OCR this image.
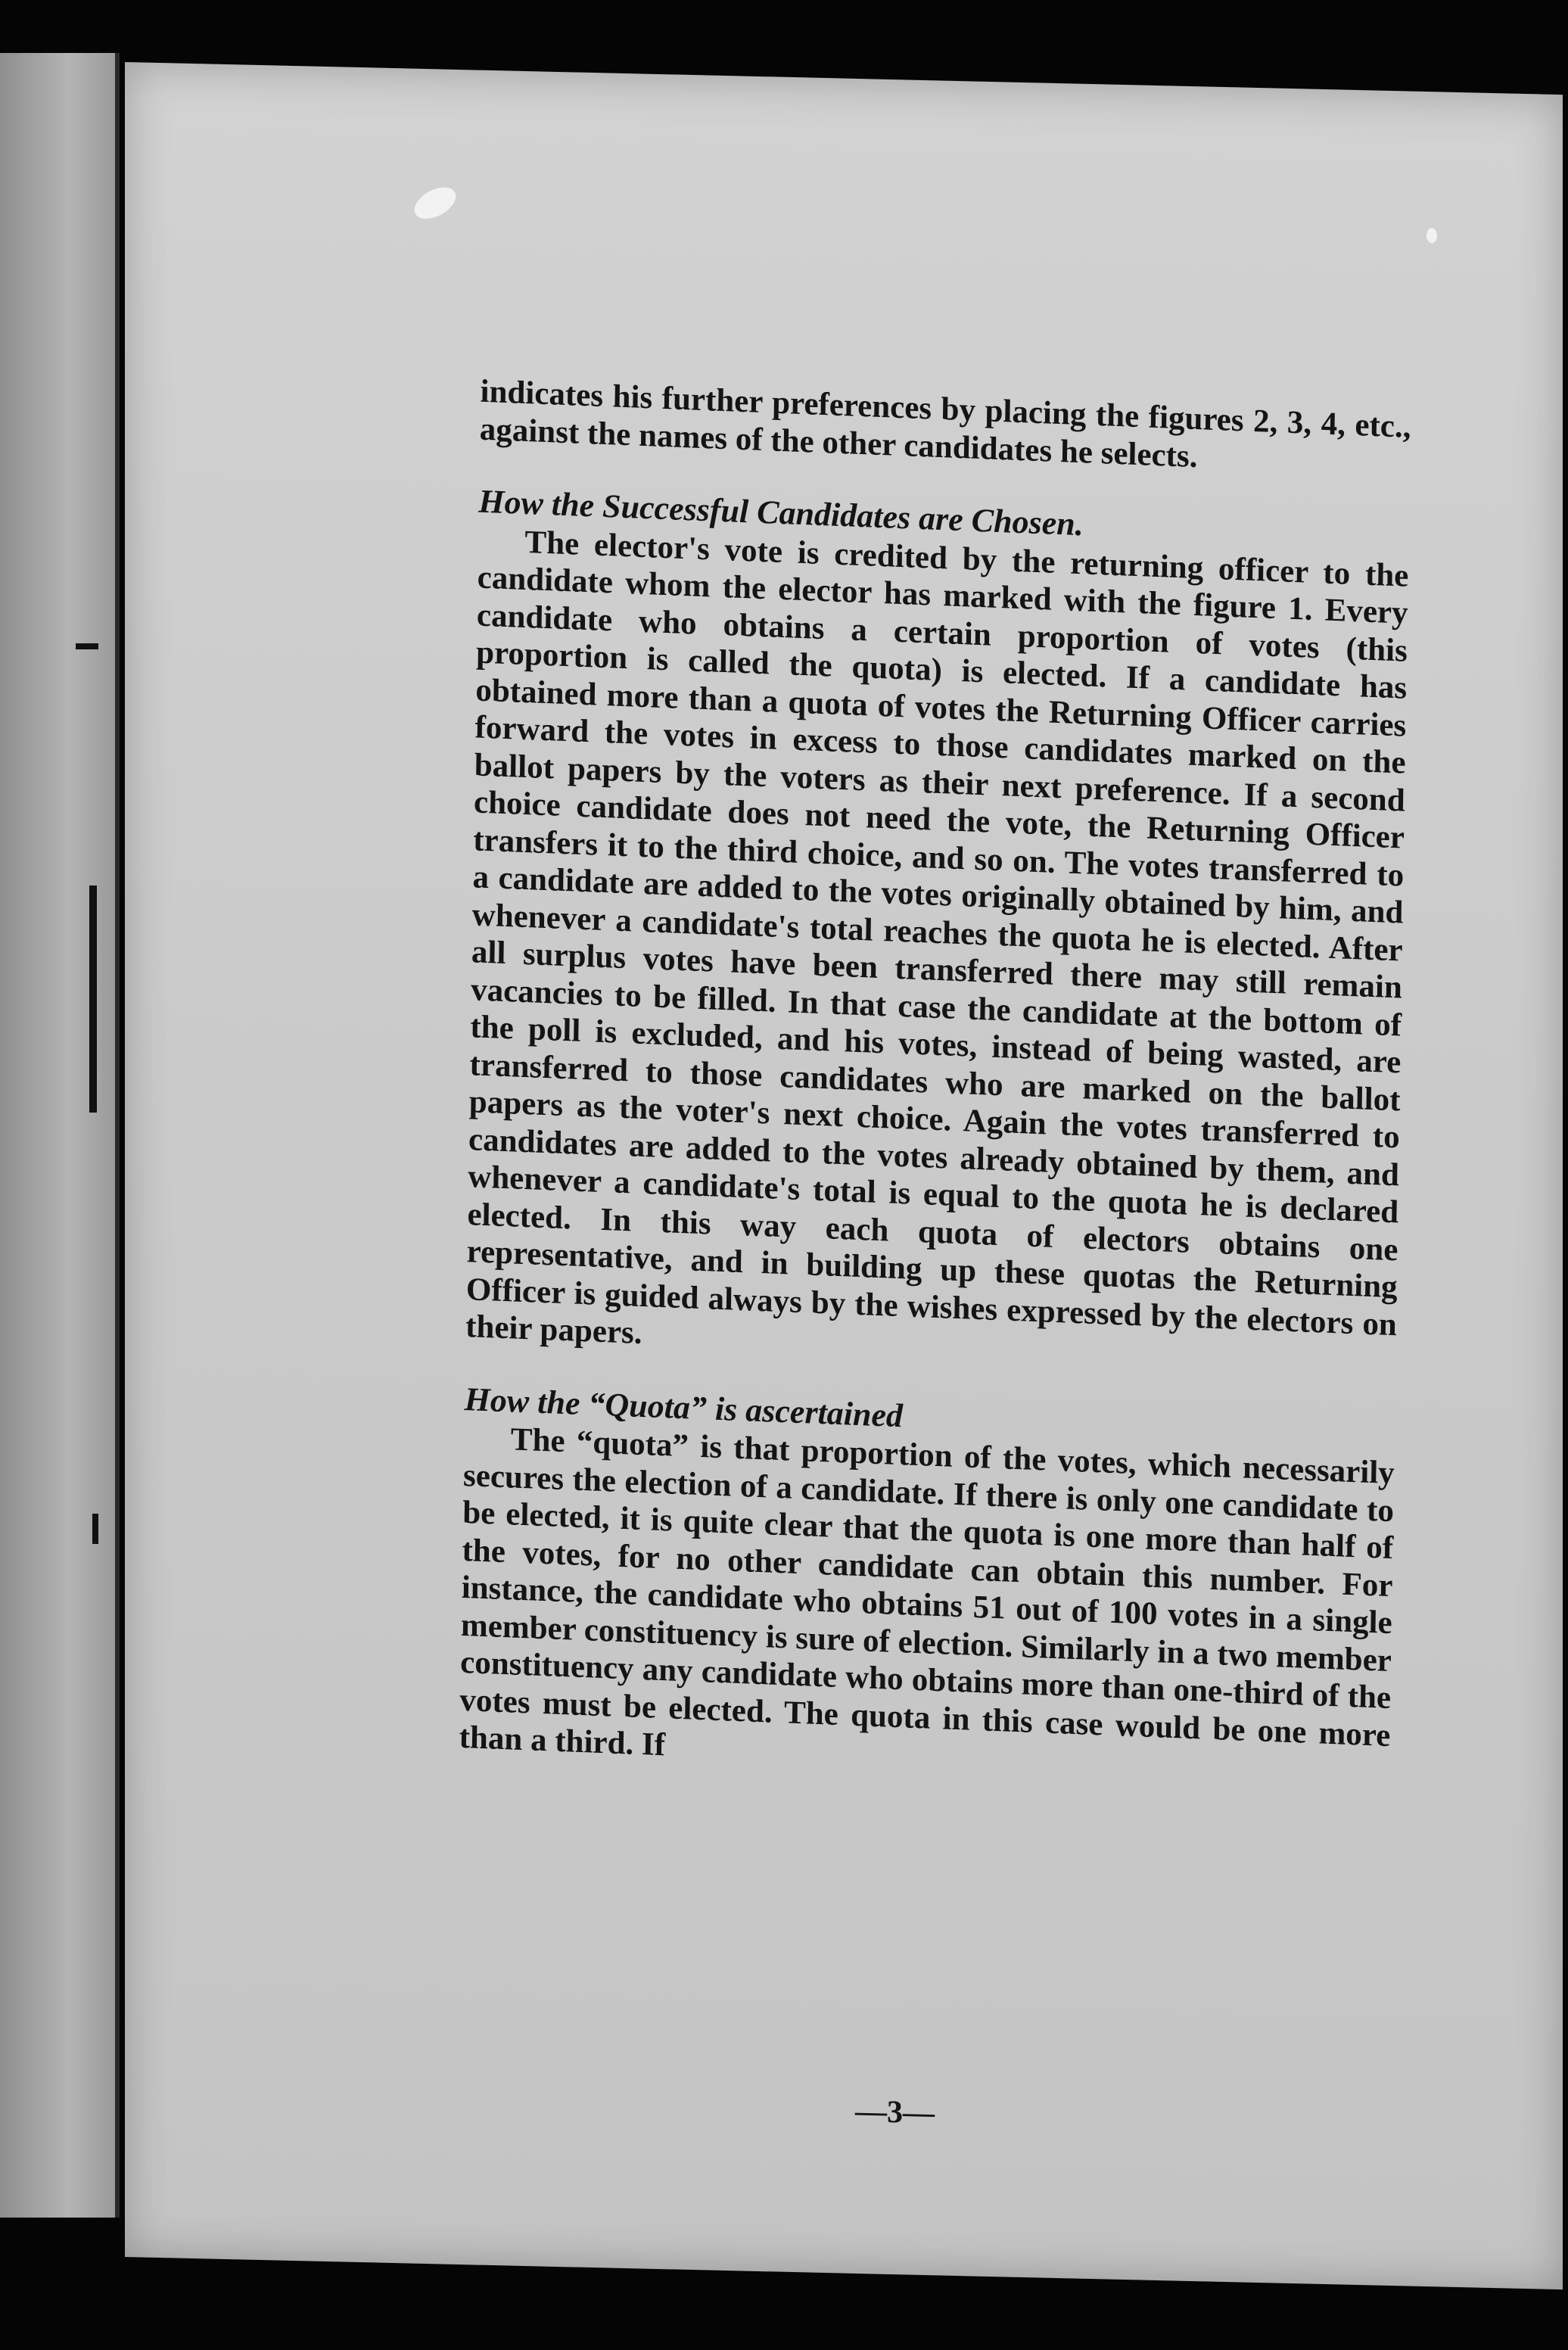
indicates his further preferences by placing the figures 2, 3, 4, etc., against the names of the other candidates he selects.

How the Successful Candidates are Chosen.

The elector's vote is credited by the returning officer to the candidate whom the elector has marked with the figure 1. Every candidate who obtains a certain proportion of votes (this proportion is called the quota) is elected. If a candidate has obtained more than a quota of votes the Returning Officer carries forward the votes in excess to those candidates marked on the ballot papers by the voters as their next preference. If a second choice candidate does not need the vote, the Returning Officer transfers it to the third choice, and so on. The votes transferred to a candidate are added to the votes originally obtained by him, and whenever a candidate's total reaches the quota he is elected. After all surplus votes have been transferred there may still remain vacancies to be filled. In that case the candidate at the bottom of the poll is excluded, and his votes, instead of being wasted, are transferred to those candidates who are marked on the ballot papers as the voter's next choice. Again the votes transferred to candidates are added to the votes already obtained by them, and whenever a candidate's total is equal to the quota he is declared elected. In this way each quota of electors obtains one representative, and in building up these quotas the Returning Officer is guided always by the wishes expressed by the electors on their papers.

How the “Quota” is ascertained

The “quota” is that proportion of the votes, which necessarily secures the election of a candidate. If there is only one candidate to be elected, it is quite clear that the quota is one more than half of the votes, for no other candidate can obtain this number. For instance, the candidate who obtains 51 out of 100 votes in a single member constituency is sure of election. Similarly in a two member constituency any candidate who obtains more than one-third of the votes must be elected. The quota in this case would be one more than a third. If

—3—
